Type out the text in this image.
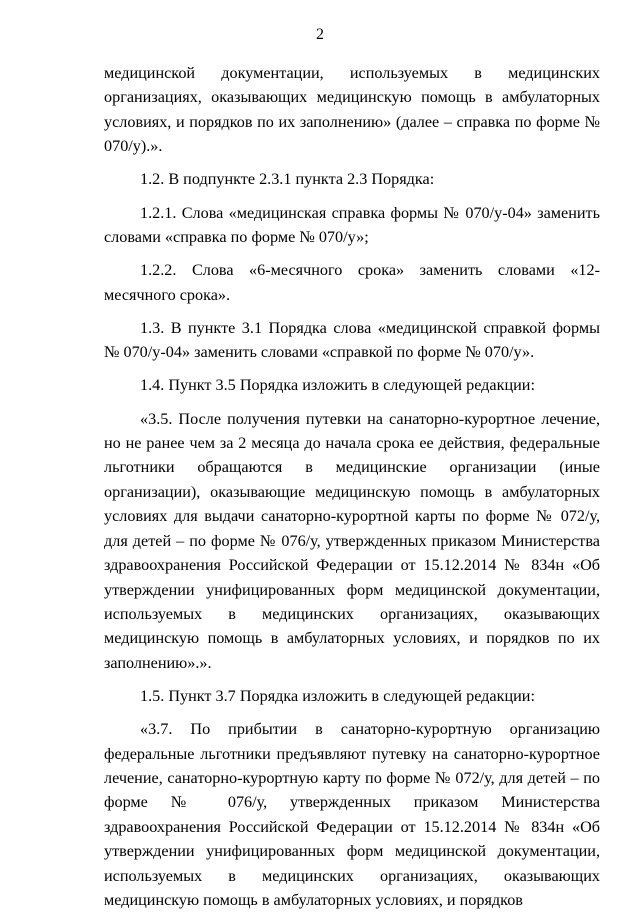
2

медицинской документации, используемых в медицинских организациях, оказывающих медицинскую помощь в амбулаторных условиях, и порядков по их заполнению» (далее – справка по форме № 070/у).».

1.2. В подпункте 2.3.1 пункта 2.3 Порядка:

1.2.1. Слова «медицинская справка формы № 070/у-04» заменить словами «справка по форме № 070/у»;

1.2.2. Слова «6-месячного срока» заменить словами «12-месячного срока».

1.3. В пункте 3.1 Порядка слова «медицинской справкой формы № 070/у-04» заменить словами «справкой по форме № 070/у».

1.4. Пункт 3.5 Порядка изложить в следующей редакции:

«3.5. После получения путевки на санаторно-курортное лечение, но не ранее чем за 2 месяца до начала срока ее действия, федеральные льготники обращаются в медицинские организации (иные организации), оказывающие медицинскую помощь в амбулаторных условиях для выдачи санаторно-курортной карты по форме № 072/у, для детей – по форме № 076/у, утвержденных приказом Министерства здравоохранения Российской Федерации от 15.12.2014 № 834н «Об утверждении унифицированных форм медицинской документации, используемых в медицинских организациях, оказывающих медицинскую помощь в амбулаторных условиях, и порядков по их заполнению».».

1.5. Пункт 3.7 Порядка изложить в следующей редакции:

«3.7. По прибытии в санаторно-курортную организацию федеральные льготники предъявляют путевку на санаторно-курортное лечение, санаторно-курортную карту по форме № 072/у, для детей – по форме № 076/у, утвержденных приказом Министерства здравоохранения Российской Федерации от 15.12.2014 № 834н «Об утверждении унифицированных форм медицинской документации, используемых в медицинских организациях, оказывающих медицинскую помощь в амбулаторных условиях, и порядков
